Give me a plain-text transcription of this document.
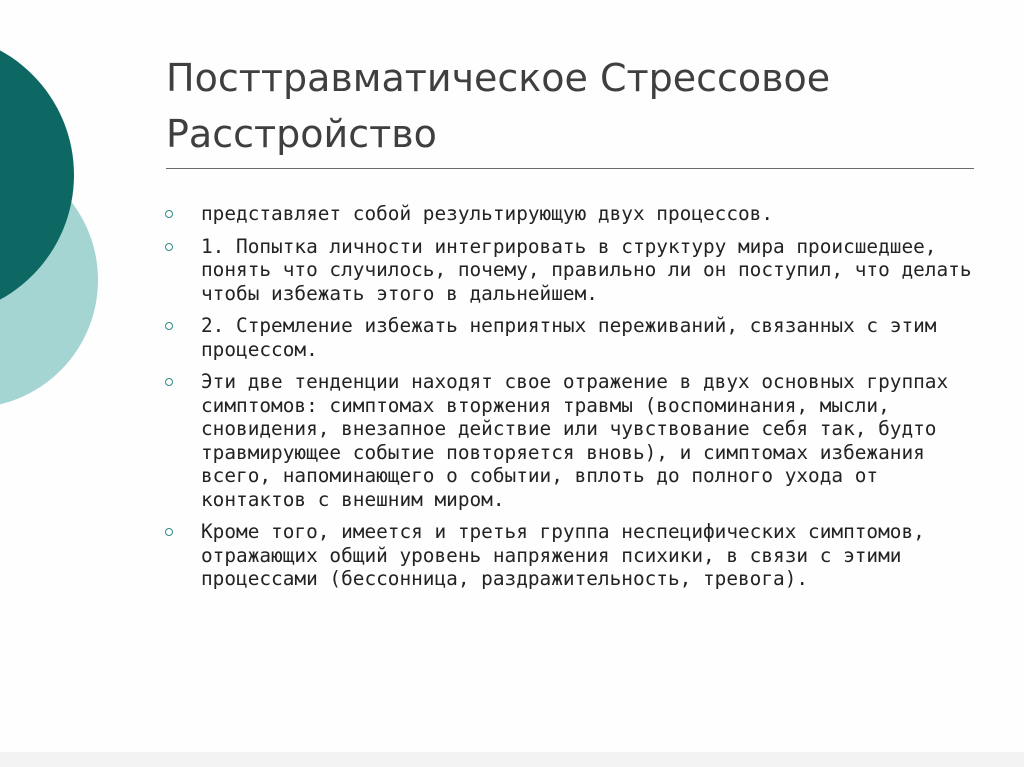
Посттравматическое Стрессовое
Расстройство
представляет собой результирующую двух процессов.
1. Попытка личности интегрировать в структуру мира происшедшее, понять что случилось, почему, правильно ли он поступил, что делать чтобы избежать этого в дальнейшем.
2. Стремление избежать неприятных переживаний, связанных с этим процессом.
Эти две тенденции находят свое отражение в двух основных группах симптомов: симптомах вторжения травмы (воспоминания, мысли, сновидения, внезапное действие или чувствование себя так, будто травмирующее событие повторяется вновь), и симптомах избежания всего, напоминающего о событии, вплоть до полного ухода от контактов с внешним миром.
Кроме того, имеется и третья группа неспецифических симптомов, отражающих общий уровень напряжения психики, в связи с этими процессами (бессонница, раздражительность, тревога).
